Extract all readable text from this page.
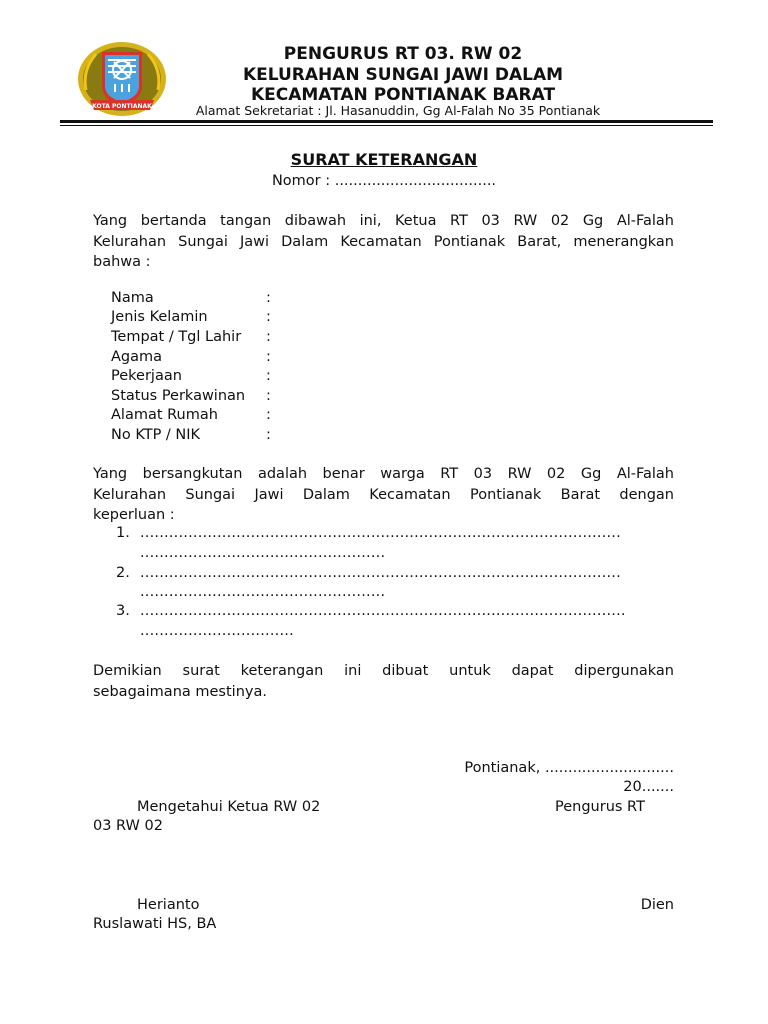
KOTA PONTIANAK
PENGURUS RT 03. RW 02
KELURAHAN SUNGAI JAWI DALAM
KECAMATAN PONTIANAK BARAT
Alamat Sekretariat : Jl. Hasanuddin, Gg Al-Falah No 35 Pontianak
SURAT KETERANGAN
Nomor : ...................................
Yang bertanda tangan dibawah ini, Ketua RT 03 RW 02 Gg Al-Falah
Kelurahan Sungai Jawi Dalam Kecamatan Pontianak Barat, menerangkan
bahwa :
Nama	:
Jenis Kelamin	:
Tempat / Tgl Lahir :
Agama	:
Pekerjaan	:
Status Perkawinan :
Alamat Rumah	:
No KTP / NIK	:
Yang bersangkutan adalah benar warga RT 03 RW 02 Gg Al-Falah
Kelurahan Sungai Jawi Dalam Kecamatan Pontianak Barat dengan
keperluan :
1. ....................................................................................................
...................................................
2. ....................................................................................................
...................................................
3. .....................................................................................................
................................
Demikian surat keterangan ini dibuat untuk dapat dipergunakan
sebagaimana mestinya.
Pontianak, ............................
20.......
Mengetahui Ketua RW 02	Pengurus RT
03 RW 02
Herianto	Dien
Ruslawati HS, BA
